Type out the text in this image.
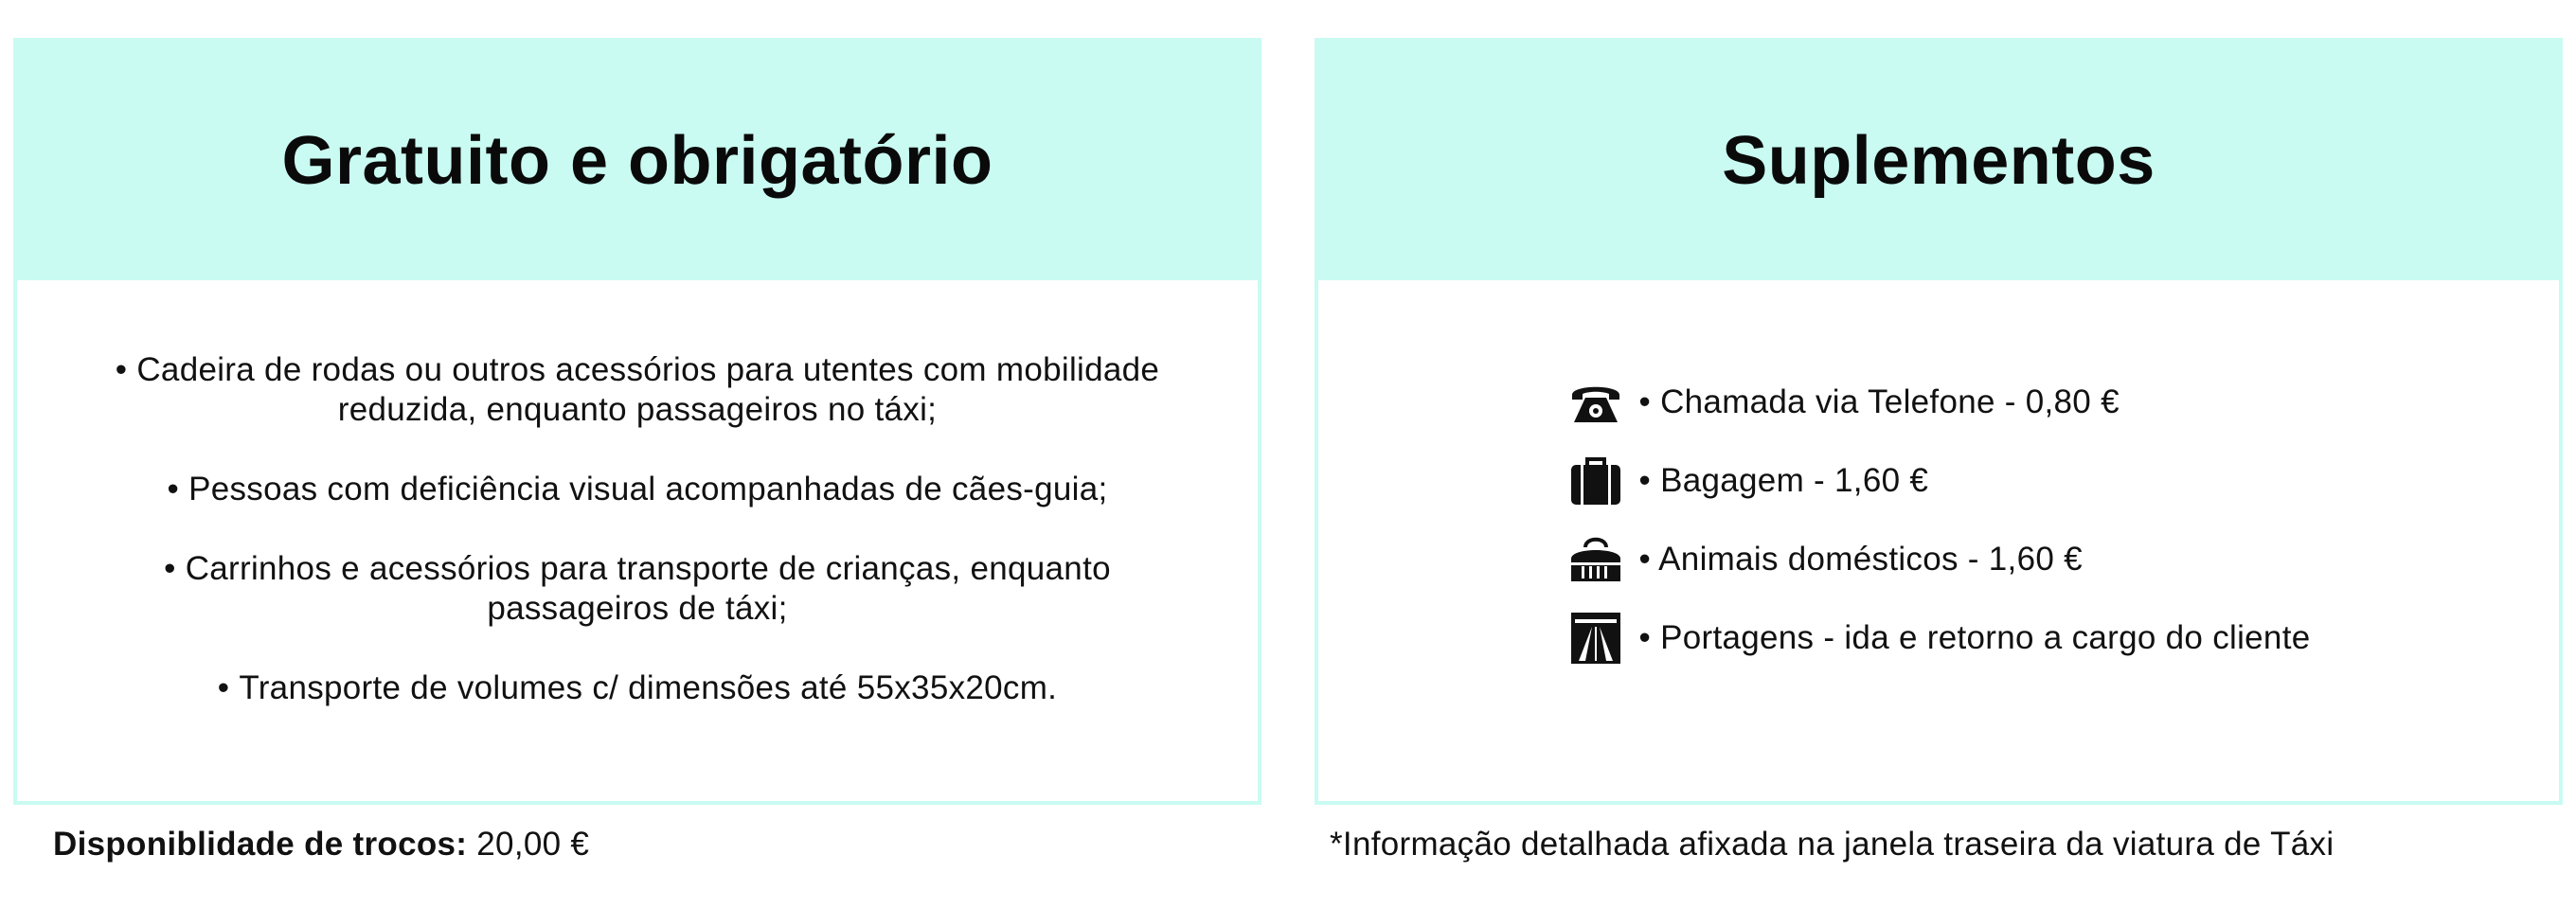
Gratuito e obrigatório

• Cadeira de rodas ou outros acessórios para utentes com mobilidade reduzida, enquanto passageiros no táxi;

• Pessoas com deficiência visual acompanhadas de cães-guia;

• Carrinhos e acessórios para transporte de crianças, enquanto passageiros de táxi;

• Transporte de volumes c/ dimensões até 55x35x20cm.

Suplementos
• Chamada via Telefone - 0,80 €
• Bagagem - 1,60 €
• Animais domésticos - 1,60 €
• Portagens - ida e retorno a cargo do cliente
Disponiblidade de trocos: 20,00 €	*Informação detalhada afixada na janela traseira da viatura de Táxi
